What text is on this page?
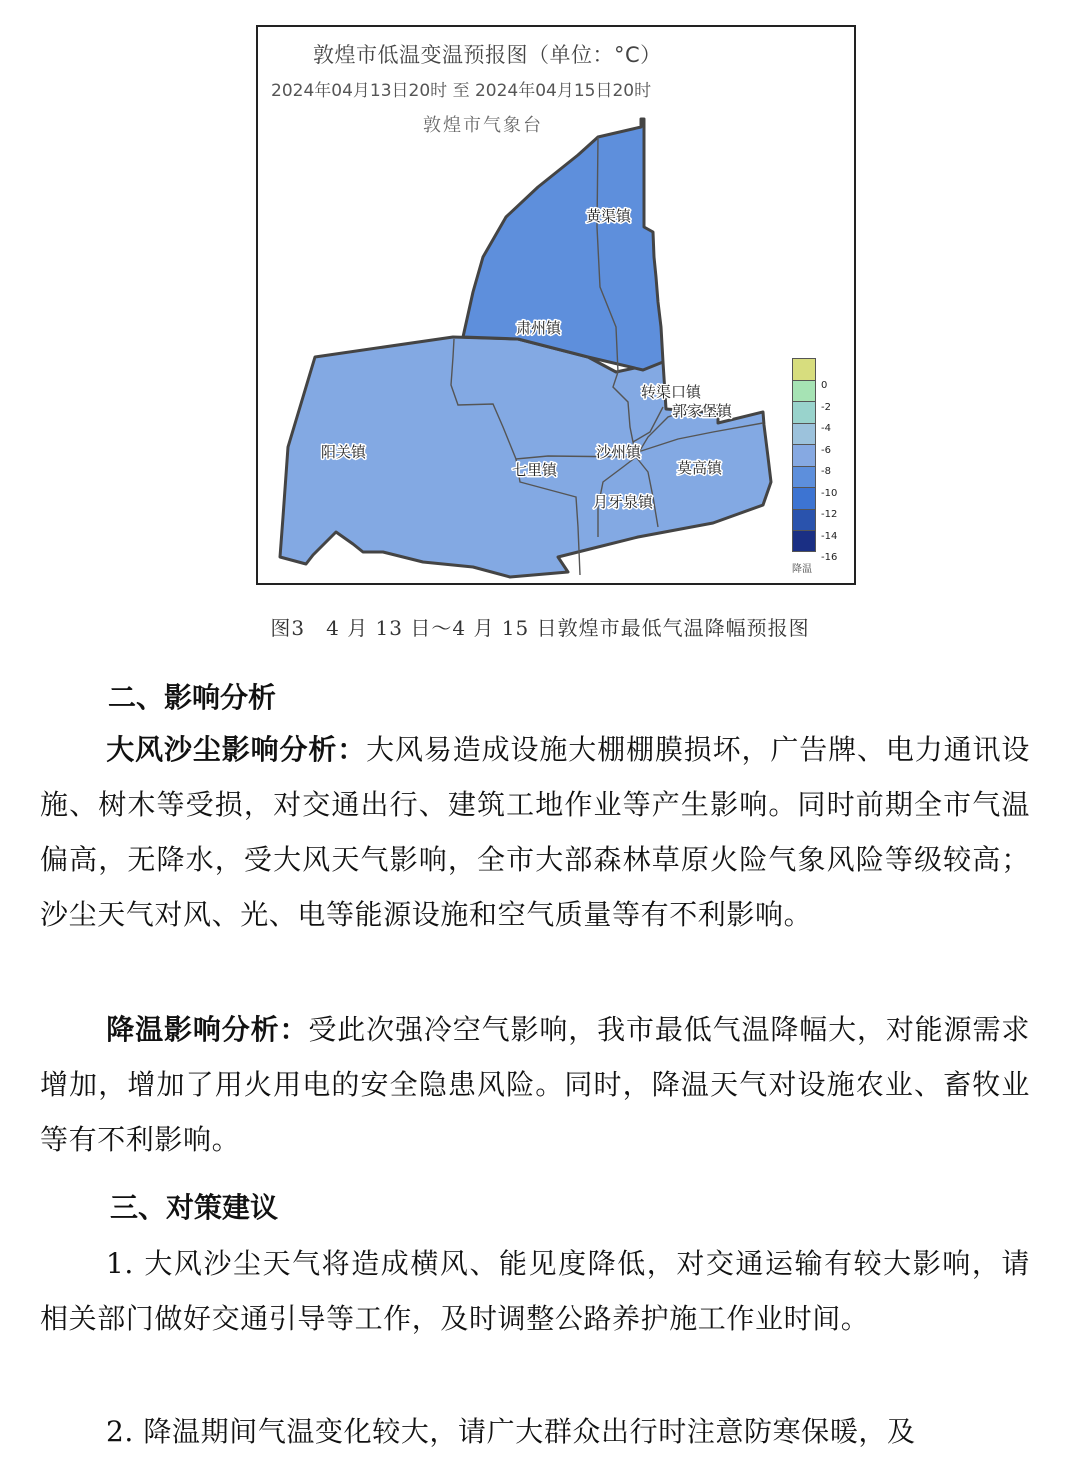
敦煌市低温变温预报图（单位：°C）
2024年04月13日20时 至 2024年04月15日20时
敦煌市气象台
黄渠镇
肃州镇
转渠口镇
郭家堡镇
阳关镇
七里镇
沙州镇
莫高镇
月牙泉镇
0
-2
-4
-6
-8
-10
-12
-14
-16
降温
图3　4 月 13 日～4 月 15 日敦煌市最低气温降幅预报图
二、影响分析
大风沙尘影响分析：大风易造成设施大棚棚膜损坏，广告牌、电力通讯设施、树木等受损，对交通出行、建筑工地作业等产生影响。同时前期全市气温偏高，无降水，受大风天气影响，全市大部森林草原火险气象风险等级较高；沙尘天气对风、光、电等能源设施和空气质量等有不利影响。
降温影响分析：受此次强冷空气影响，我市最低气温降幅大，对能源需求增加，增加了用火用电的安全隐患风险。同时，降温天气对设施农业、畜牧业等有不利影响。
三、对策建议
1. 大风沙尘天气将造成横风、能见度降低，对交通运输有较大影响，请相关部门做好交通引导等工作，及时调整公路养护施工作业时间。
2. 降温期间气温变化较大，请广大群众出行时注意防寒保暖，及
